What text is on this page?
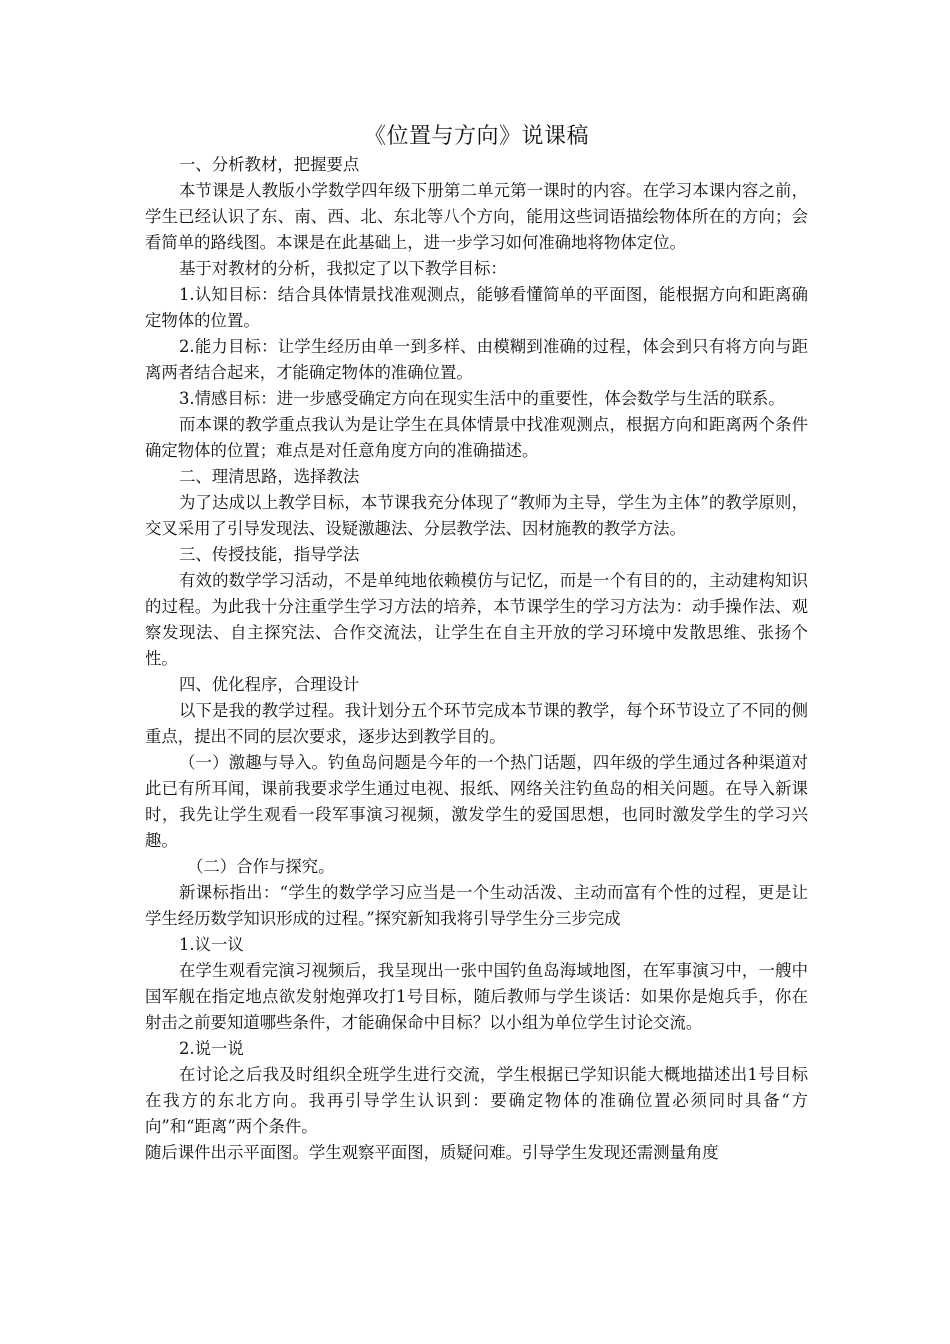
《位置与方向》说课稿

一、分析教材，把握要点

本节课是人教版小学数学四年级下册第二单元第一课时的内容。在学习本课内容之前，学生已经认识了东、南、西、北、东北等八个方向，能用这些词语描绘物体所在的方向；会看简单的路线图。本课是在此基础上，进一步学习如何准确地将物体定位。

基于对教材的分析，我拟定了以下教学目标：

1.认知目标：结合具体情景找准观测点，能够看懂简单的平面图，能根据方向和距离确定物体的位置。

2.能力目标：让学生经历由单一到多样、由模糊到准确的过程，体会到只有将方向与距离两者结合起来，才能确定物体的准确位置。

3.情感目标：进一步感受确定方向在现实生活中的重要性，体会数学与生活的联系。

而本课的教学重点我认为是让学生在具体情景中找准观测点，根据方向和距离两个条件确定物体的位置；难点是对任意角度方向的准确描述。

二、理清思路，选择教法

为了达成以上教学目标，本节课我充分体现了“教师为主导，学生为主体”的教学原则，交叉采用了引导发现法、设疑激趣法、分层教学法、因材施教的教学方法。

三、传授技能，指导学法

有效的数学学习活动，不是单纯地依赖模仿与记忆，而是一个有目的的，主动建构知识的过程。为此我十分注重学生学习方法的培养，本节课学生的学习方法为：动手操作法、观察发现法、自主探究法、合作交流法，让学生在自主开放的学习环境中发散思维、张扬个性。

四、优化程序，合理设计

以下是我的教学过程。我计划分五个环节完成本节课的教学，每个环节设立了不同的侧重点，提出不同的层次要求，逐步达到教学目的。

（一）激趣与导入。钓鱼岛问题是今年的一个热门话题，四年级的学生通过各种渠道对此已有所耳闻，课前我要求学生通过电视、报纸、网络关注钓鱼岛的相关问题。在导入新课时，我先让学生观看一段军事演习视频，激发学生的爱国思想，也同时激发学生的学习兴趣。

（二）合作与探究。

新课标指出：“学生的数学学习应当是一个生动活泼、主动而富有个性的过程，更是让学生经历数学知识形成的过程。”探究新知我将引导学生分三步完成

1.议一议

在学生观看完演习视频后，我呈现出一张中国钓鱼岛海域地图，在军事演习中，一艘中国军舰在指定地点欲发射炮弹攻打1号目标，随后教师与学生谈话：如果你是炮兵手，你在射击之前要知道哪些条件，才能确保命中目标？以小组为单位学生讨论交流。

2.说一说

在讨论之后我及时组织全班学生进行交流，学生根据已学知识能大概地描述出1号目标在我方的东北方向。我再引导学生认识到：要确定物体的准确位置必须同时具备“方向”和“距离”两个条件。

随后课件出示平面图。学生观察平面图，质疑问难。引导学生发现还需测量角度
